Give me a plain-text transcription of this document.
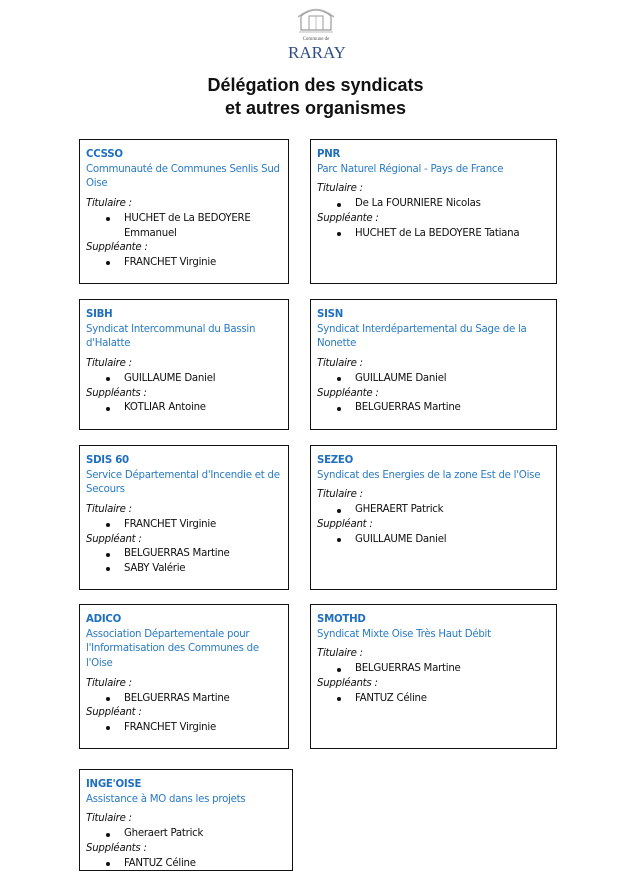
Commune de
RARAY
Délégation des syndicats
et autres organismes
CCSSO
Communauté de Communes Senlis Sud Oise
Titulaire :
HUCHET de La BEDOYERE Emmanuel
Suppléante :
FRANCHET Virginie
PNR
Parc Naturel Régional - Pays de France
Titulaire :
De La FOURNIERE Nicolas
Suppléante :
HUCHET de La BEDOYERE Tatiana
SIBH
Syndicat Intercommunal du Bassin d'Halatte
Titulaire :
GUILLAUME Daniel
Suppléants :
KOTLIAR Antoine
SISN
Syndicat Interdépartemental du Sage de la Nonette
Titulaire :
GUILLAUME Daniel
Suppléante :
BELGUERRAS Martine
SDIS 60
Service Départemental d'Incendie et de Secours
Titulaire :
FRANCHET Virginie
Suppléant :
BELGUERRAS Martine
SABY Valérie
SEZEO
Syndicat des Energies de la zone Est de l'Oise
Titulaire :
GHERAERT Patrick
Suppléant :
GUILLAUME Daniel
ADICO
Association Départementale pour l'Informatisation des Communes de l'Oise
Titulaire :
BELGUERRAS Martine
Suppléant :
FRANCHET Virginie
SMOTHD
Syndicat Mixte Oise Très Haut Débit
Titulaire :
BELGUERRAS Martine
Suppléants :
FANTUZ Céline
INGE'OISE
Assistance à MO dans les projets
Titulaire :
Gheraert Patrick
Suppléants :
FANTUZ Céline
